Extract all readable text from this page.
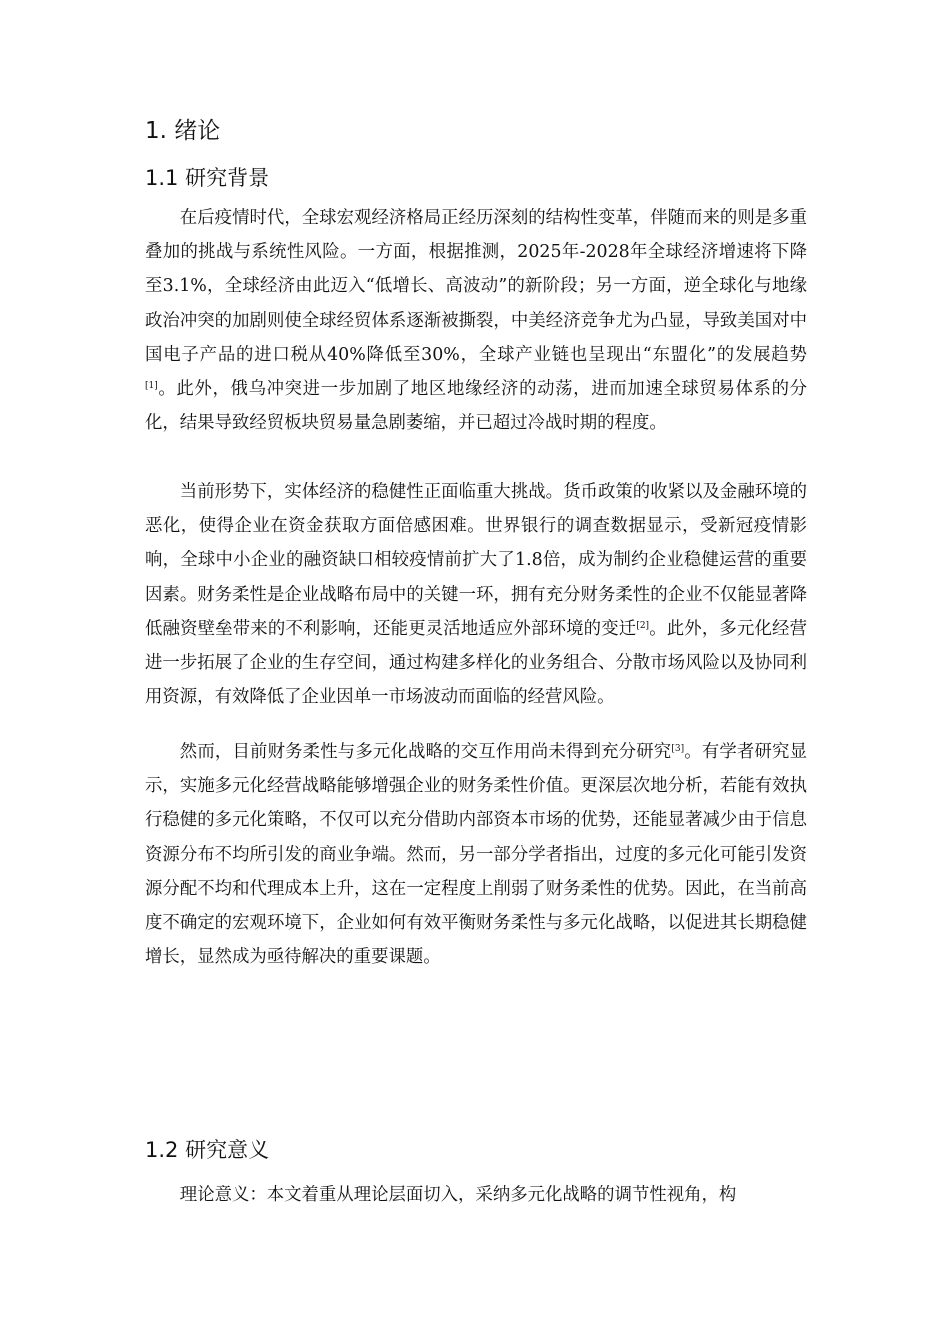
1. 绪论
1.1 研究背景

在后疫情时代，全球宏观经济格局正经历深刻的结构性变革，伴随而来的则是多重叠加的挑战与系统性风险。一方面，根据推测，2025年-2028年全球经济增速将下降至3.1%，全球经济由此迈入“低增长、高波动”的新阶段；另一方面，逆全球化与地缘政治冲突的加剧则使全球经贸体系逐渐被撕裂，中美经济竞争尤为凸显，导致美国对中国电子产品的进口税从40%降低至30%，全球产业链也呈现出“东盟化”的发展趋势[1]。此外，俄乌冲突进一步加剧了地区地缘经济的动荡，进而加速全球贸易体系的分化，结果导致经贸板块贸易量急剧萎缩，并已超过冷战时期的程度。

当前形势下，实体经济的稳健性正面临重大挑战。货币政策的收紧以及金融环境的恶化，使得企业在资金获取方面倍感困难。世界银行的调查数据显示，受新冠疫情影响，全球中小企业的融资缺口相较疫情前扩大了1.8倍，成为制约企业稳健运营的重要因素。财务柔性是企业战略布局中的关键一环，拥有充分财务柔性的企业不仅能显著降低融资壁垒带来的不利影响，还能更灵活地适应外部环境的变迁[2]。此外，多元化经营进一步拓展了企业的生存空间，通过构建多样化的业务组合、分散市场风险以及协同利用资源，有效降低了企业因单一市场波动而面临的经营风险。

然而，目前财务柔性与多元化战略的交互作用尚未得到充分研究[3]。有学者研究显示，实施多元化经营战略能够增强企业的财务柔性价值。更深层次地分析，若能有效执行稳健的多元化策略，不仅可以充分借助内部资本市场的优势，还能显著减少由于信息资源分布不均所引发的商业争端。然而，另一部分学者指出，过度的多元化可能引发资源分配不均和代理成本上升，这在一定程度上削弱了财务柔性的优势。因此，在当前高度不确定的宏观环境下，企业如何有效平衡财务柔性与多元化战略，以促进其长期稳健增长，显然成为亟待解决的重要课题。

1.2 研究意义

理论意义：本文着重从理论层面切入，采纳多元化战略的调节性视角，构
